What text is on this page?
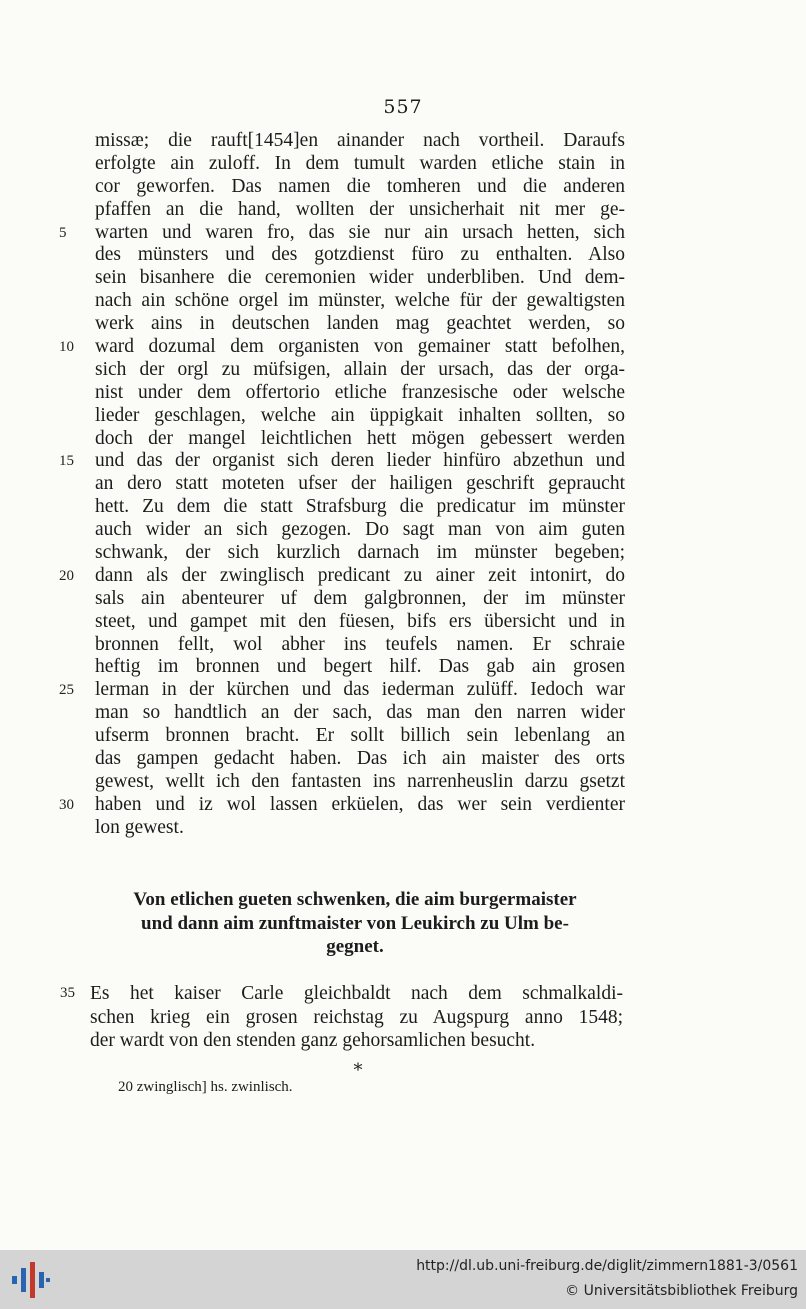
557
missæ; die rauft[1454]en ainander nach vortheil. Daraufs
erfolgte ain zuloff. In dem tumult warden etliche stain in
cor geworfen. Das namen die tomheren und die anderen
pfaffen an die hand, wollten der unsicherhait nit mer ge-
warten und waren fro, das sie nur ain ursach hetten, sich
5
des münsters und des gotzdienst füro zu enthalten. Also
sein bisanhere die ceremonien wider underbliben. Und dem-
nach ain schöne orgel im münster, welche für der gewaltigsten
werk ains in deutschen landen mag geachtet werden, so
ward dozumal dem organisten von gemainer statt befolhen,
10
sich der orgl zu müfsigen, allain der ursach, das der orga-
nist under dem offertorio etliche franzesische oder welsche
lieder geschlagen, welche ain üppigkait inhalten sollten, so
doch der mangel leichtlichen hett mögen gebessert werden
und das der organist sich deren lieder hinfüro abzethun und
15
an dero statt moteten ufser der hailigen geschrift gepraucht
hett. Zu dem die statt Strafsburg die predicatur im münster
auch wider an sich gezogen. Do sagt man von aim guten
schwank, der sich kurzlich darnach im münster begeben;
dann als der zwinglisch predicant zu ainer zeit intonirt, do
20
sals ain abenteurer uf dem galgbronnen, der im münster
steet, und gampet mit den füesen, bifs ers übersicht und in
bronnen fellt, wol abher ins teufels namen. Er schraie
heftig im bronnen und begert hilf. Das gab ain grosen
lerman in der kürchen und das iederman zulüff. Iedoch war
25
man so handtlich an der sach, das man den narren wider
ufserm bronnen bracht. Er sollt billich sein lebenlang an
das gampen gedacht haben. Das ich ain maister des orts
gewest, wellt ich den fantasten ins narrenheuslin darzu gsetzt
haben und iz wol lassen erküelen, das wer sein verdienter
30
lon gewest.
Von etlichen gueten schwenken, die aim burgermaister
und dann aim zunftmaister von Leukirch zu Ulm be-
gegnet.
Es het kaiser Carle gleichbaldt nach dem schmalkaldi-
35
schen krieg ein grosen reichstag zu Augspurg anno 1548;
der wardt von den stenden ganz gehorsamlichen besucht.
*
20 zwinglisch] hs. zwinlisch.
http://dl.ub.uni-freiburg.de/diglit/zimmern1881-3/0561
© Universitätsbibliothek Freiburg
